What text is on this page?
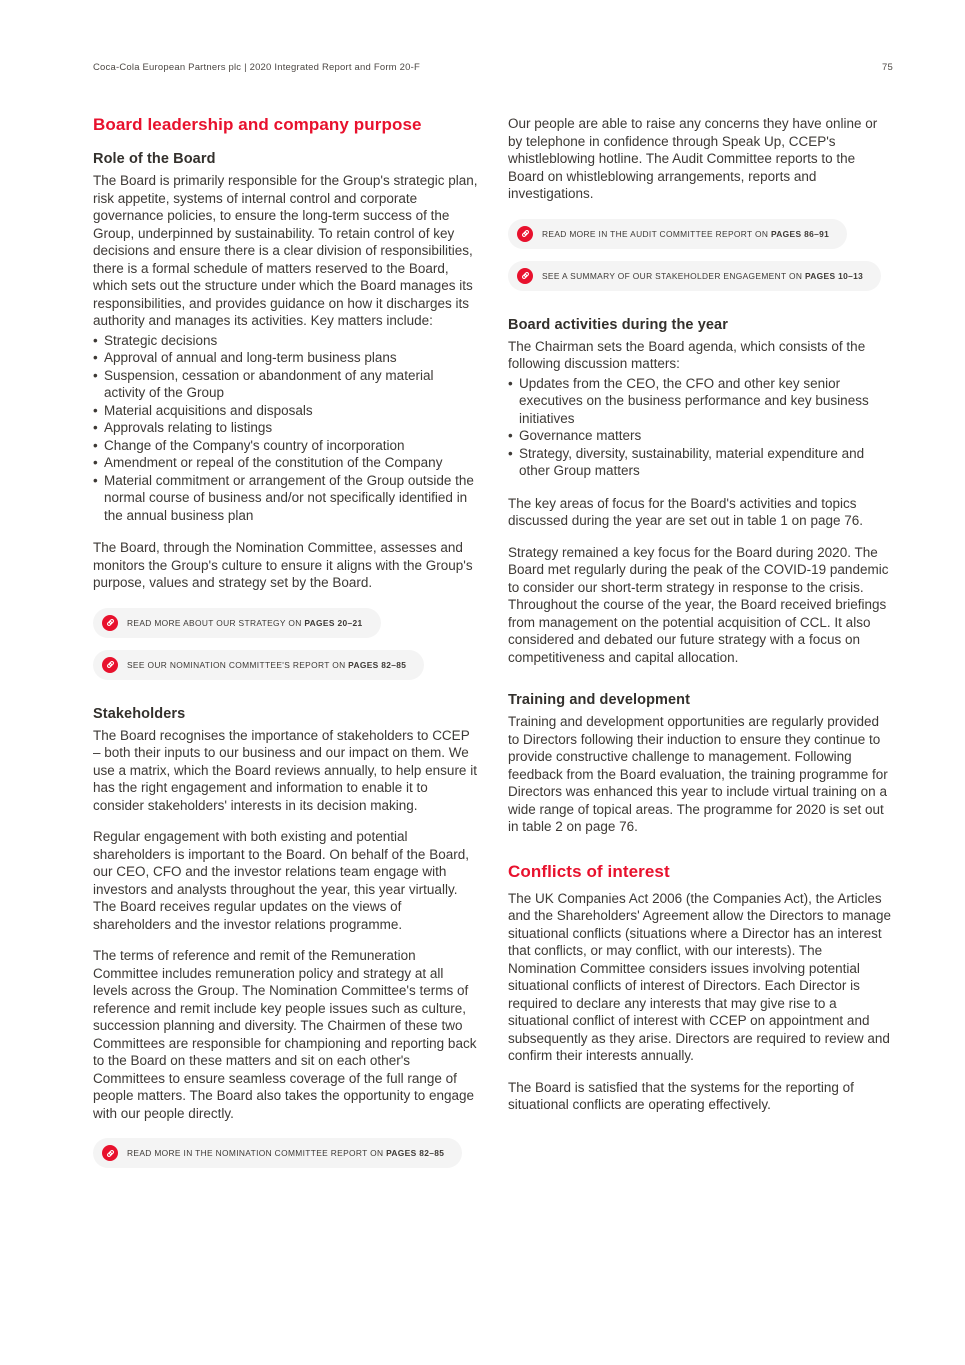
Coca-Cola European Partners plc | 2020 Integrated Report and Form 20-F	75
Board leadership and company purpose
Role of the Board

The Board is primarily responsible for the Group's strategic plan, risk appetite, systems of internal control and corporate governance policies, to ensure the long-term success of the Group, underpinned by sustainability. To retain control of key decisions and ensure there is a clear division of responsibilities, there is a formal schedule of matters reserved to the Board, which sets out the structure under which the Board manages its responsibilities, and provides guidance on how it discharges its authority and manages its activities. Key matters include:

• Strategic decisions
• Approval of annual and long-term business plans
• Suspension, cessation or abandonment of any material activity of the Group
• Material acquisitions and disposals
• Approvals relating to listings
• Change of the Company's country of incorporation
• Amendment or repeal of the constitution of the Company
• Material commitment or arrangement of the Group outside the normal course of business and/or not specifically identified in the annual business plan

The Board, through the Nomination Committee, assesses and monitors the Group's culture to ensure it aligns with the Group's purpose, values and strategy set by the Board.

READ MORE ABOUT OUR STRATEGY ON PAGES 20–21
SEE OUR NOMINATION COMMITTEE'S REPORT ON PAGES 82–85
Stakeholders

The Board recognises the importance of stakeholders to CCEP – both their inputs to our business and our impact on them. We use a matrix, which the Board reviews annually, to help ensure it has the right engagement and information to enable it to consider stakeholders' interests in its decision making.

Regular engagement with both existing and potential shareholders is important to the Board. On behalf of the Board, our CEO, CFO and the investor relations team engage with investors and analysts throughout the year, this year virtually. The Board receives regular updates on the views of shareholders and the investor relations programme.

The terms of reference and remit of the Remuneration Committee includes remuneration policy and strategy at all levels across the Group. The Nomination Committee's terms of reference and remit include key people issues such as culture, succession planning and diversity. The Chairmen of these two Committees are responsible for championing and reporting back to the Board on these matters and sit on each other's Committees to ensure seamless coverage of the full range of people matters. The Board also takes the opportunity to engage with our people directly.

READ MORE IN THE NOMINATION COMMITTEE REPORT ON PAGES 82–85

Our people are able to raise any concerns they have online or by telephone in confidence through Speak Up, CCEP's whistleblowing hotline. The Audit Committee reports to the Board on whistleblowing arrangements, reports and investigations.

READ MORE IN THE AUDIT COMMITTEE REPORT ON PAGES 86–91
SEE A SUMMARY OF OUR STAKEHOLDER ENGAGEMENT ON PAGES 10–13
Board activities during the year

The Chairman sets the Board agenda, which consists of the following discussion matters:

• Updates from the CEO, the CFO and other key senior executives on the business performance and key business initiatives
• Governance matters
• Strategy, diversity, sustainability, material expenditure and other Group matters

The key areas of focus for the Board's activities and topics discussed during the year are set out in table 1 on page 76.

Strategy remained a key focus for the Board during 2020. The Board met regularly during the peak of the COVID-19 pandemic to consider our short-term strategy in response to the crisis. Throughout the course of the year, the Board received briefings from management on the potential acquisition of CCL. It also considered and debated our future strategy with a focus on competitiveness and capital allocation.

Training and development

Training and development opportunities are regularly provided to Directors following their induction to ensure they continue to provide constructive challenge to management. Following feedback from the Board evaluation, the training programme for Directors was enhanced this year to include virtual training on a wide range of topical areas. The programme for 2020 is set out in table 2 on page 76.

Conflicts of interest

The UK Companies Act 2006 (the Companies Act), the Articles and the Shareholders' Agreement allow the Directors to manage situational conflicts (situations where a Director has an interest that conflicts, or may conflict, with our interests). The Nomination Committee considers issues involving potential situational conflicts of interest of Directors. Each Director is required to declare any interests that may give rise to a situational conflict of interest with CCEP on appointment and subsequently as they arise. Directors are required to review and confirm their interests annually.

The Board is satisfied that the systems for the reporting of situational conflicts are operating effectively.
